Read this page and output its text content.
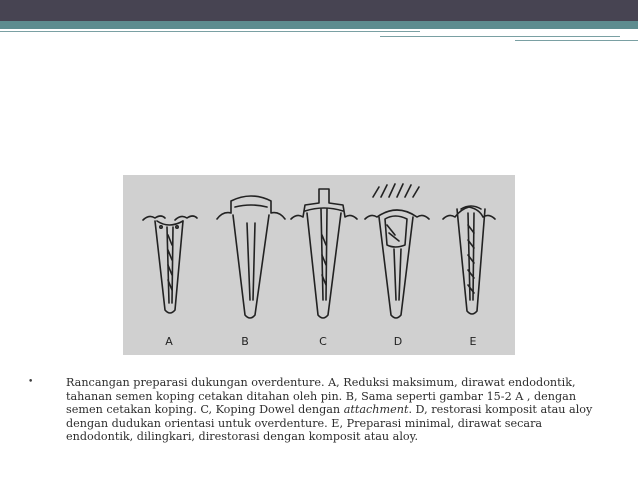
A	B	C	D	E
•	Rancangan preparasi dukungan overdenture. A, Reduksi maksimum, dirawat endodontik, tahanan semen koping cetakan ditahan oleh pin. B, Sama seperti gambar 15-2 A , dengan semen cetakan koping. C, Koping Dowel dengan attachment. D, restorasi komposit atau aloy dengan dudukan orientasi untuk overdenture. E, Preparasi minimal, dirawat secara endodontik, dilingkari, direstorasi dengan komposit atau aloy.
